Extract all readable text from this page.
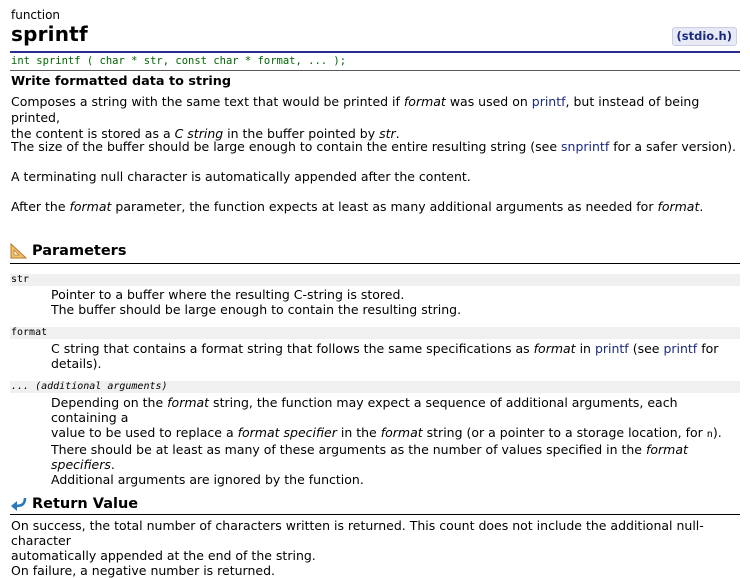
function
sprintf	(stdio.h)
int sprintf ( char * str, const char * format, ... );
Write formatted data to string
Composes a string with the same text that would be printed if format was used on printf, but instead of being printed,
the content is stored as a C string in the buffer pointed by str.
The size of the buffer should be large enough to contain the entire resulting string (see snprintf for a safer version).
A terminating null character is automatically appended after the content.
After the format parameter, the function expects at least as many additional arguments as needed for format.
Parameters
str
Pointer to a buffer where the resulting C-string is stored.
The buffer should be large enough to contain the resulting string.
format
C string that contains a format string that follows the same specifications as format in printf (see printf for
details).
... (additional arguments)
Depending on the format string, the function may expect a sequence of additional arguments, each containing a
value to be used to replace a format specifier in the format string (or a pointer to a storage location, for n).
There should be at least as many of these arguments as the number of values specified in the format specifiers.
Additional arguments are ignored by the function.
Return Value
On success, the total number of characters written is returned. This count does not include the additional null-character
automatically appended at the end of the string.
On failure, a negative number is returned.
